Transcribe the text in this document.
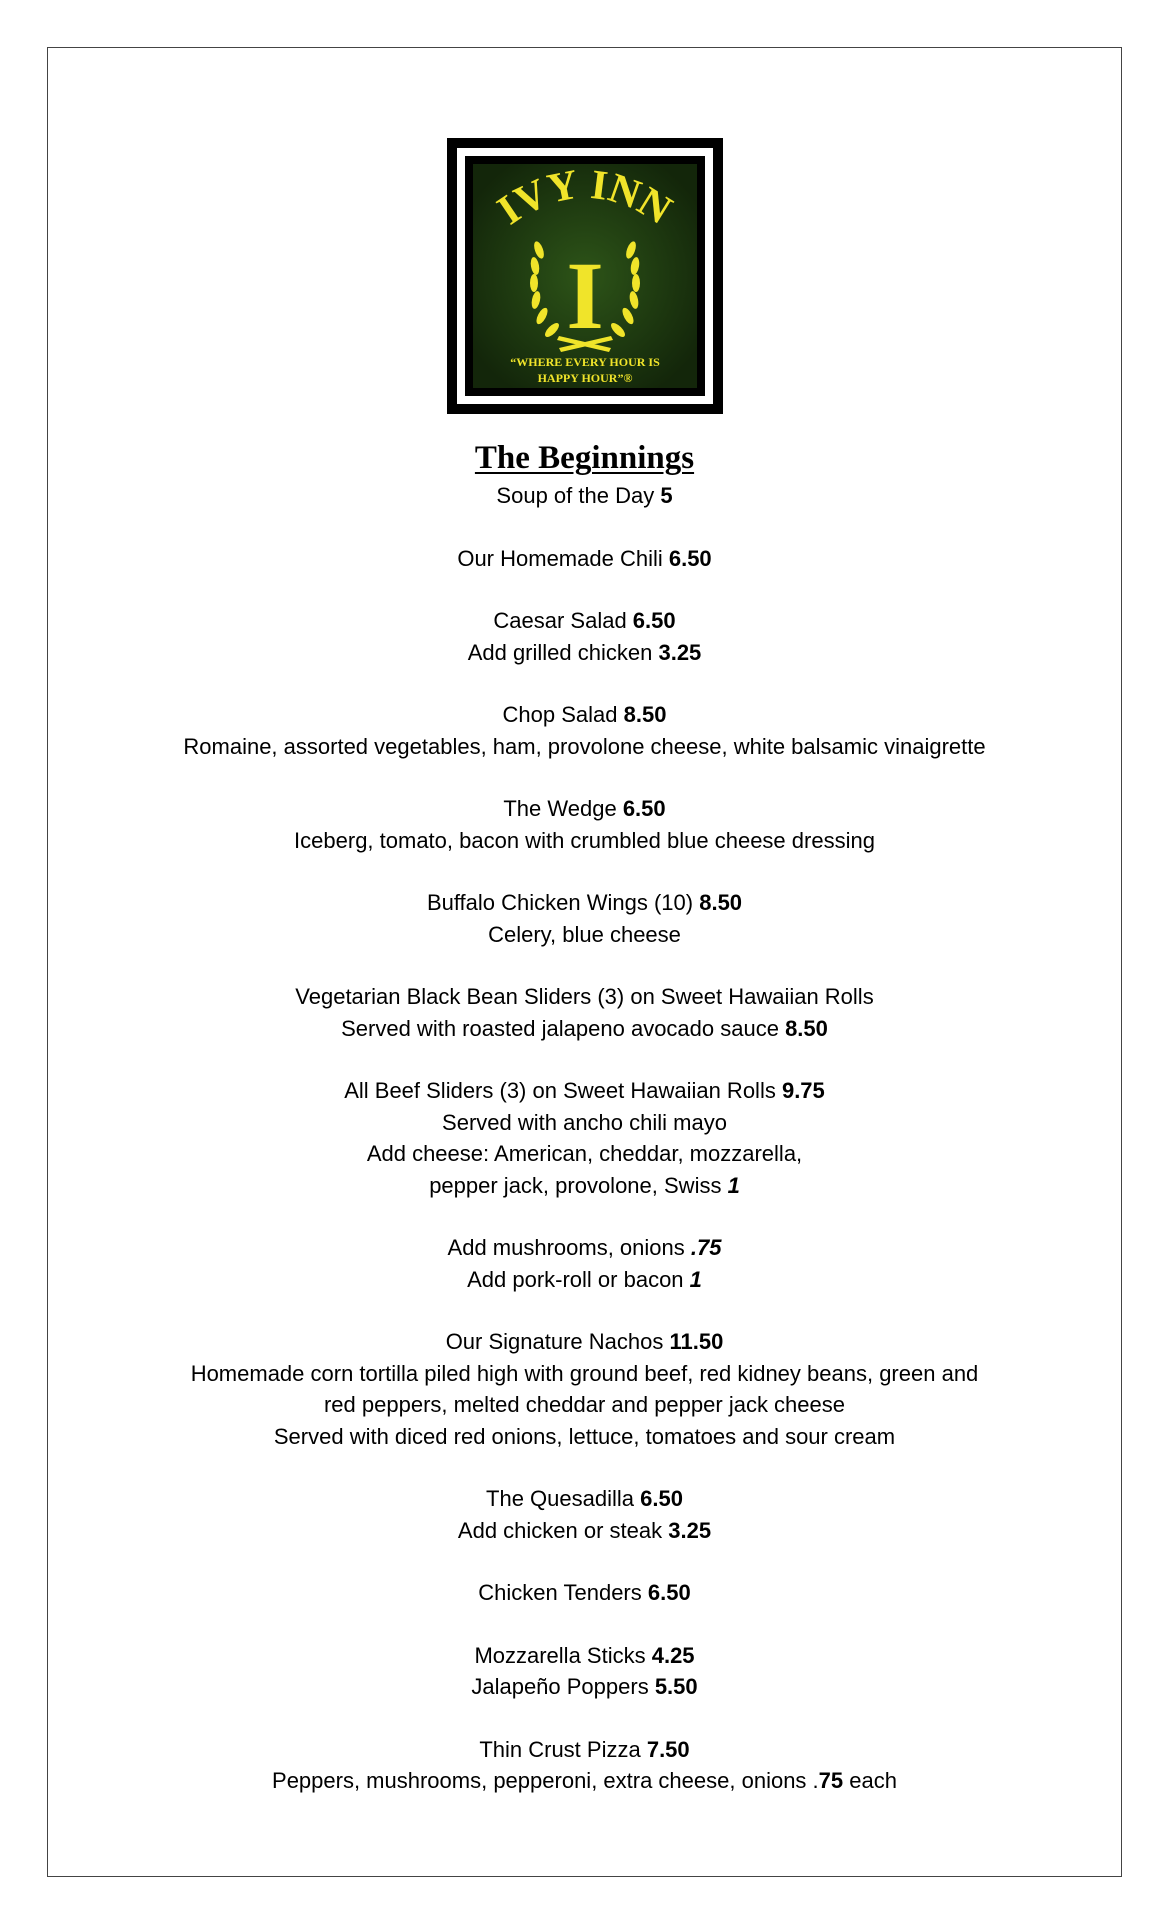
IVY INN
I
“WHERE EVERY HOUR IS
HAPPY HOUR”®
The Beginnings
Soup of the Day 5
Our Homemade Chili 6.50
Caesar Salad 6.50
Add grilled chicken 3.25
Chop Salad 8.50
Romaine, assorted vegetables, ham, provolone cheese, white balsamic vinaigrette
The Wedge 6.50
Iceberg, tomato, bacon with crumbled blue cheese dressing
Buffalo Chicken Wings (10) 8.50
Celery, blue cheese
Vegetarian Black Bean Sliders (3) on Sweet Hawaiian Rolls
Served with roasted jalapeno avocado sauce 8.50
All Beef Sliders (3) on Sweet Hawaiian Rolls 9.75
Served with ancho chili mayo
Add cheese: American, cheddar, mozzarella,
pepper jack, provolone, Swiss 1
Add mushrooms, onions .75
Add pork-roll or bacon 1
Our Signature Nachos 11.50
Homemade corn tortilla piled high with ground beef, red kidney beans, green and
red peppers, melted cheddar and pepper jack cheese
Served with diced red onions, lettuce, tomatoes and sour cream
The Quesadilla 6.50
Add chicken or steak 3.25
Chicken Tenders 6.50
Mozzarella Sticks 4.25
Jalapeño Poppers 5.50
Thin Crust Pizza 7.50
Peppers, mushrooms, pepperoni, extra cheese, onions .75 each
